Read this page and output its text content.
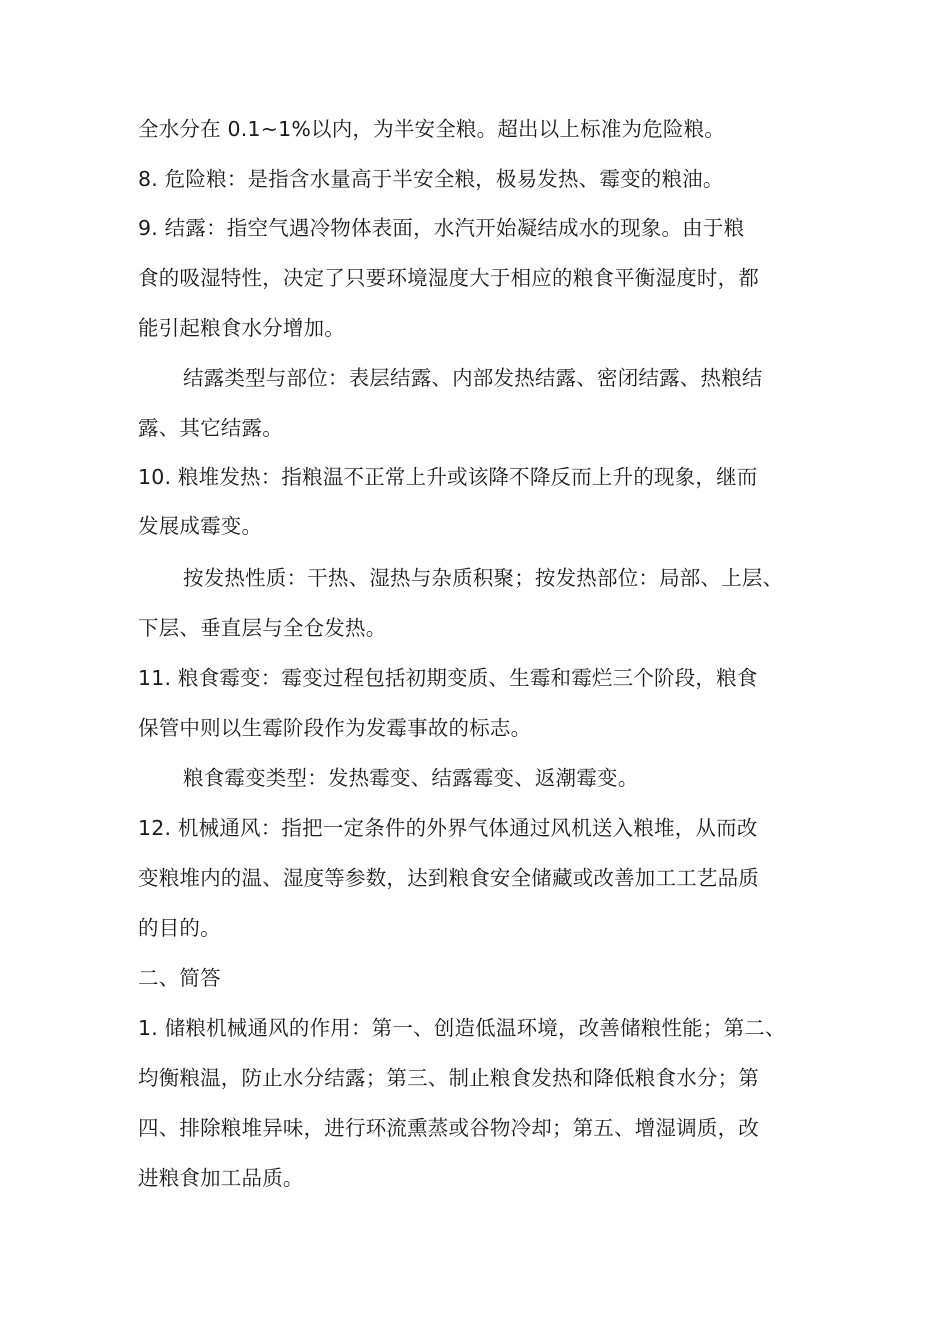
全水分在 0.1~1%以内，为半安全粮。超出以上标准为危险粮。
8. 危险粮：是指含水量高于半安全粮，极易发热、霉变的粮油。
9. 结露：指空气遇冷物体表面，水汽开始凝结成水的现象。由于粮
食的吸湿特性，决定了只要环境湿度大于相应的粮食平衡湿度时，都
能引起粮食水分增加。
结露类型与部位：表层结露、内部发热结露、密闭结露、热粮结
露、其它结露。
10. 粮堆发热：指粮温不正常上升或该降不降反而上升的现象，继而
发展成霉变。
按发热性质：干热、湿热与杂质积聚；按发热部位：局部、上层、
下层、垂直层与全仓发热。
11. 粮食霉变：霉变过程包括初期变质、生霉和霉烂三个阶段，粮食
保管中则以生霉阶段作为发霉事故的标志。
粮食霉变类型：发热霉变、结露霉变、返潮霉变。
12. 机械通风：指把一定条件的外界气体通过风机送入粮堆，从而改
变粮堆内的温、湿度等参数，达到粮食安全储藏或改善加工工艺品质
的目的。
二、简答
1. 储粮机械通风的作用：第一、创造低温环境，改善储粮性能；第二、
均衡粮温，防止水分结露；第三、制止粮食发热和降低粮食水分；第
四、排除粮堆异味，进行环流熏蒸或谷物冷却；第五、增湿调质，改
进粮食加工品质。
